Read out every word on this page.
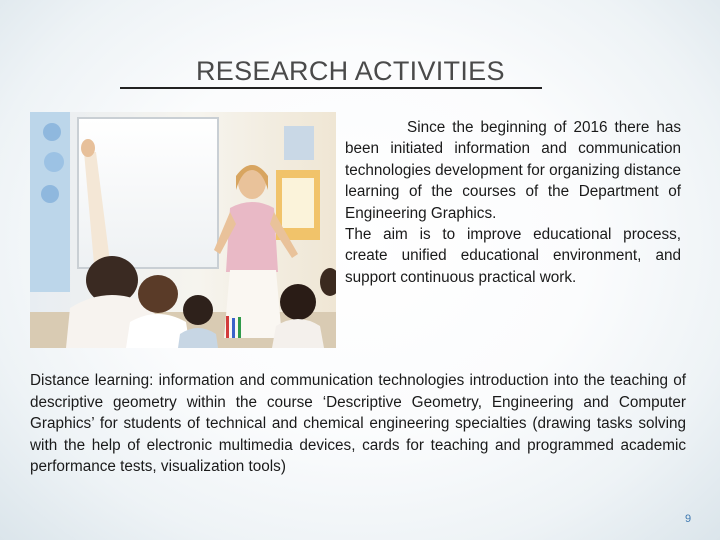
RESEARCH ACTIVITIES

Since the beginning of 2016 there has been initiated information and communication technologies development for organizing distance learning of the courses of the Department of Engineering Graphics.

The aim is to improve educational process, create unified educational environment, and support continuous practical work.

Distance learning: information and communication technologies introduction into the teaching of descriptive geometry within the course ‘Descriptive Geometry, Engineering and Computer Graphics’ for students of technical and chemical engineering specialties (drawing tasks solving with the help of electronic multimedia devices, cards for teaching and programmed academic performance tests, visualization tools)
9
